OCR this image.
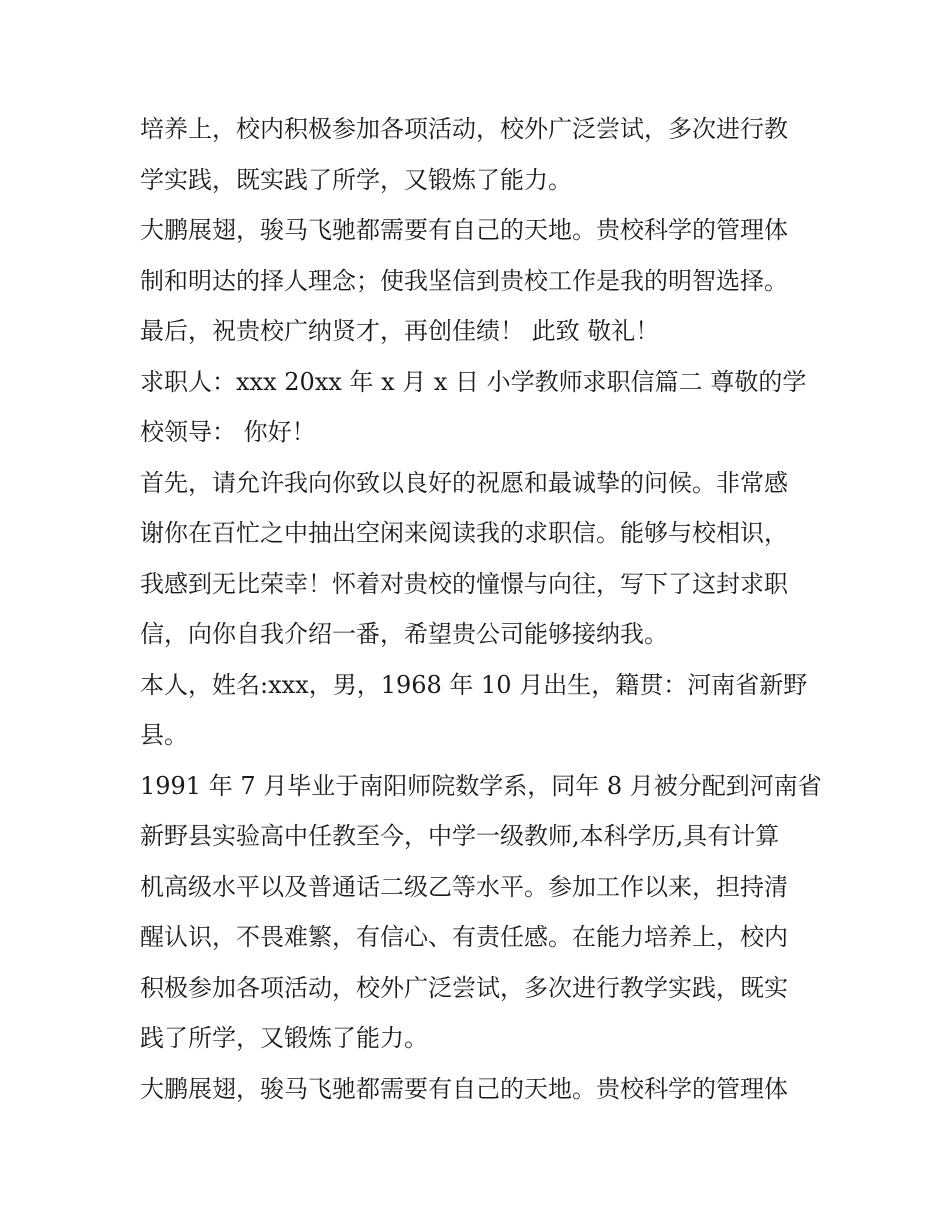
培养上，校内积极参加各项活动，校外广泛尝试，多次进行教
学实践，既实践了所学，又锻炼了能力。
大鹏展翅，骏马飞驰都需要有自己的天地。贵校科学的管理体
制和明达的择人理念；使我坚信到贵校工作是我的明智选择。
最后，祝贵校广纳贤才，再创佳绩！ 此致 敬礼！
求职人：xxx 20xx 年 x 月 x 日 小学教师求职信篇二 尊敬的学
校领导： 你好！
首先，请允许我向你致以良好的祝愿和最诚挚的问候。非常感
谢你在百忙之中抽出空闲来阅读我的求职信。能够与校相识，
我感到无比荣幸！怀着对贵校的憧憬与向往，写下了这封求职
信，向你自我介绍一番，希望贵公司能够接纳我。
本人，姓名:xxx，男，1968 年 10 月出生，籍贯：河南省新野
县。
1991 年 7 月毕业于南阳师院数学系，同年 8 月被分配到河南省
新野县实验高中任教至今，中学一级教师,本科学历,具有计算
机高级水平以及普通话二级乙等水平。参加工作以来，担持清
醒认识，不畏难繁，有信心、有责任感。在能力培养上，校内
积极参加各项活动，校外广泛尝试，多次进行教学实践，既实
践了所学，又锻炼了能力。
大鹏展翅，骏马飞驰都需要有自己的天地。贵校科学的管理体
